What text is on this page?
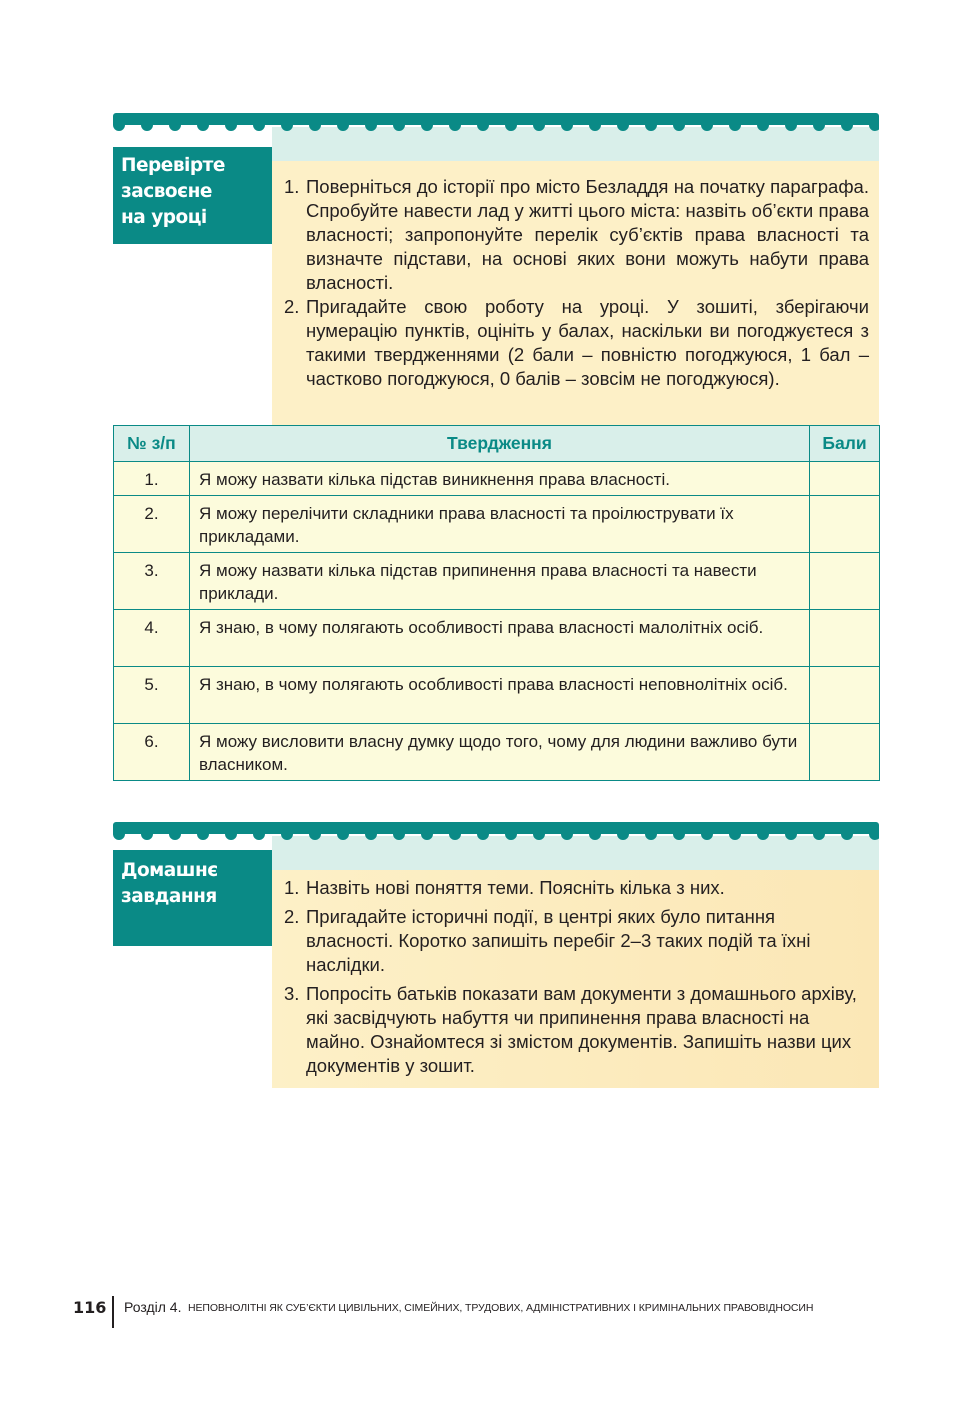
Перевірте
засвоєне
на уроці
1. Поверніться до історії про місто Безладдя на початку параграфа. Спробуйте навести лад у житті цього міста: назвіть об’єкти права власності; запропонуйте перелік суб’єктів права власності та визначте підстави, на основі яких вони можуть набути права власності.
2. Пригадайте свою роботу на уроці. У зошиті, зберігаючи нумерацію пунктів, оцініть у балах, наскільки ви погоджуєтеся з такими твердженнями (2 бали – повністю погоджуюся, 1 бал – частково погоджуюся, 0 балів – зовсім не погоджуюся).
№ з/п	Твердження	Бали
1.	Я можу назвати кілька підстав виникнення права власності.	
2.	Я можу перелічити складники права власності та проілюструвати їх прикладами.	
3.	Я можу назвати кілька підстав припинення права власності та навести приклади.	
4.	Я знаю, в чому полягають особливості права власності малолітніх осіб.	
5.	Я знаю, в чому полягають особливості права власності неповнолітніх осіб.	
6.	Я можу висловити власну думку щодо того, чому для людини важливо бути власником.	
Домашнє
завдання	1. Назвіть нові поняття теми. Поясніть кілька з них.
2. Пригадайте історичні події, в центрі яких було питання власності. Коротко запишіть перебіг 2–3 таких подій та їхні наслідки.
3. Попросіть батьків показати вам документи з домашнього архіву, які засвідчують набуття чи припинення права власності на майно. Ознайомтеся зі змістом документів. Запишіть назви цих документів у зошит.
116 Розділ 4. НЕПОВНОЛІТНІ ЯК СУБ’ЄКТИ ЦИВІЛЬНИХ, СІМЕЙНИХ, ТРУДОВИХ, АДМІНІСТРАТИВНИХ І КРИМІНАЛЬНИХ ПРАВОВІДНОСИН
